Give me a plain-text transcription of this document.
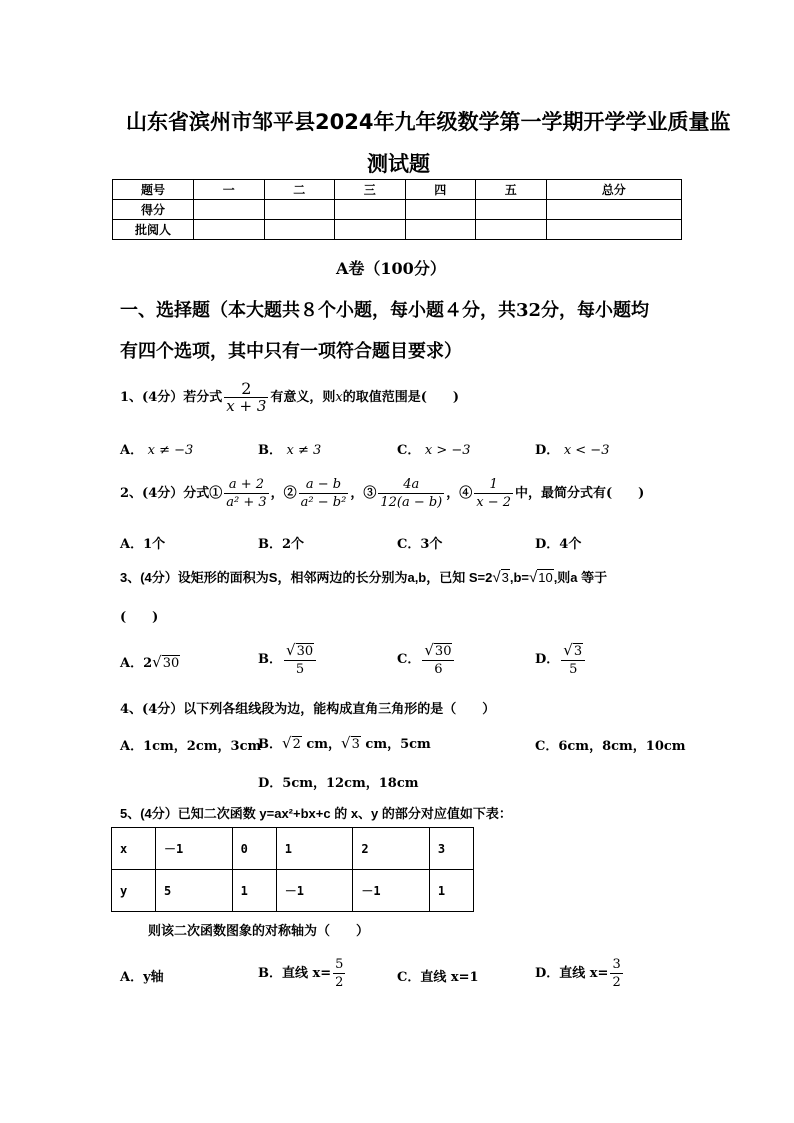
山东省滨州市邹平县2024年九年级数学第一学期开学学业质量监
测试题
题号	一	二	三	四	五	总分
得分						
批阅人						
A卷（100分）
一、选择题（本大题共８个小题，每小题４分，共32分，每小题均
有四个选项，其中只有一项符合题目要求）
1、(4分）若分式 $\frac{2}{x + 3}$ 有意义，则x的取值范围是(　　)
A． x ≠ −3	B． x ≠ 3	C． x > −3	D． x < −3
2、(4分）分式① $\frac{a + 2}{\text{a² + 3}}$ ，② $\frac{a - b}{\text{a² − b²}}$ ，③ $\frac{4a}{12(a - b)}$ ，④ $\frac{1}{x - 2}$ 中，最简分式有(　　)
A．1个	B．2个	C．3个	D．4个
3、(4分）设矩形的面积为S，相邻两边的长分别为a,b，已知 S=2√3,b=√10,则a 等于
(　　)
A．2√30	B． $\frac{√30}{5}$	C． $\frac{√30}{6}$	D． $\frac{√3}{5}$
4、(4分）以下列各组线段为边，能构成直角三角形的是（　　）
A．1cm，2cm，3cm
B．√2 cm，√3 cm，5cm	C．6cm，8cm，10cm
D．5cm，12cm，18cm
5、(4分）已知二次函数 y=ax²+bx+c 的 x、y 的部分对应值如下表：
x	－1	0	1	2	3
y	5	1	－1	－1	1
则该二次函数图象的对称轴为（　　）
A．y轴	B．直线 $x= \frac{5}{2}$	C．直线 x=1	D．直线 $x= \frac{3}{2}$
